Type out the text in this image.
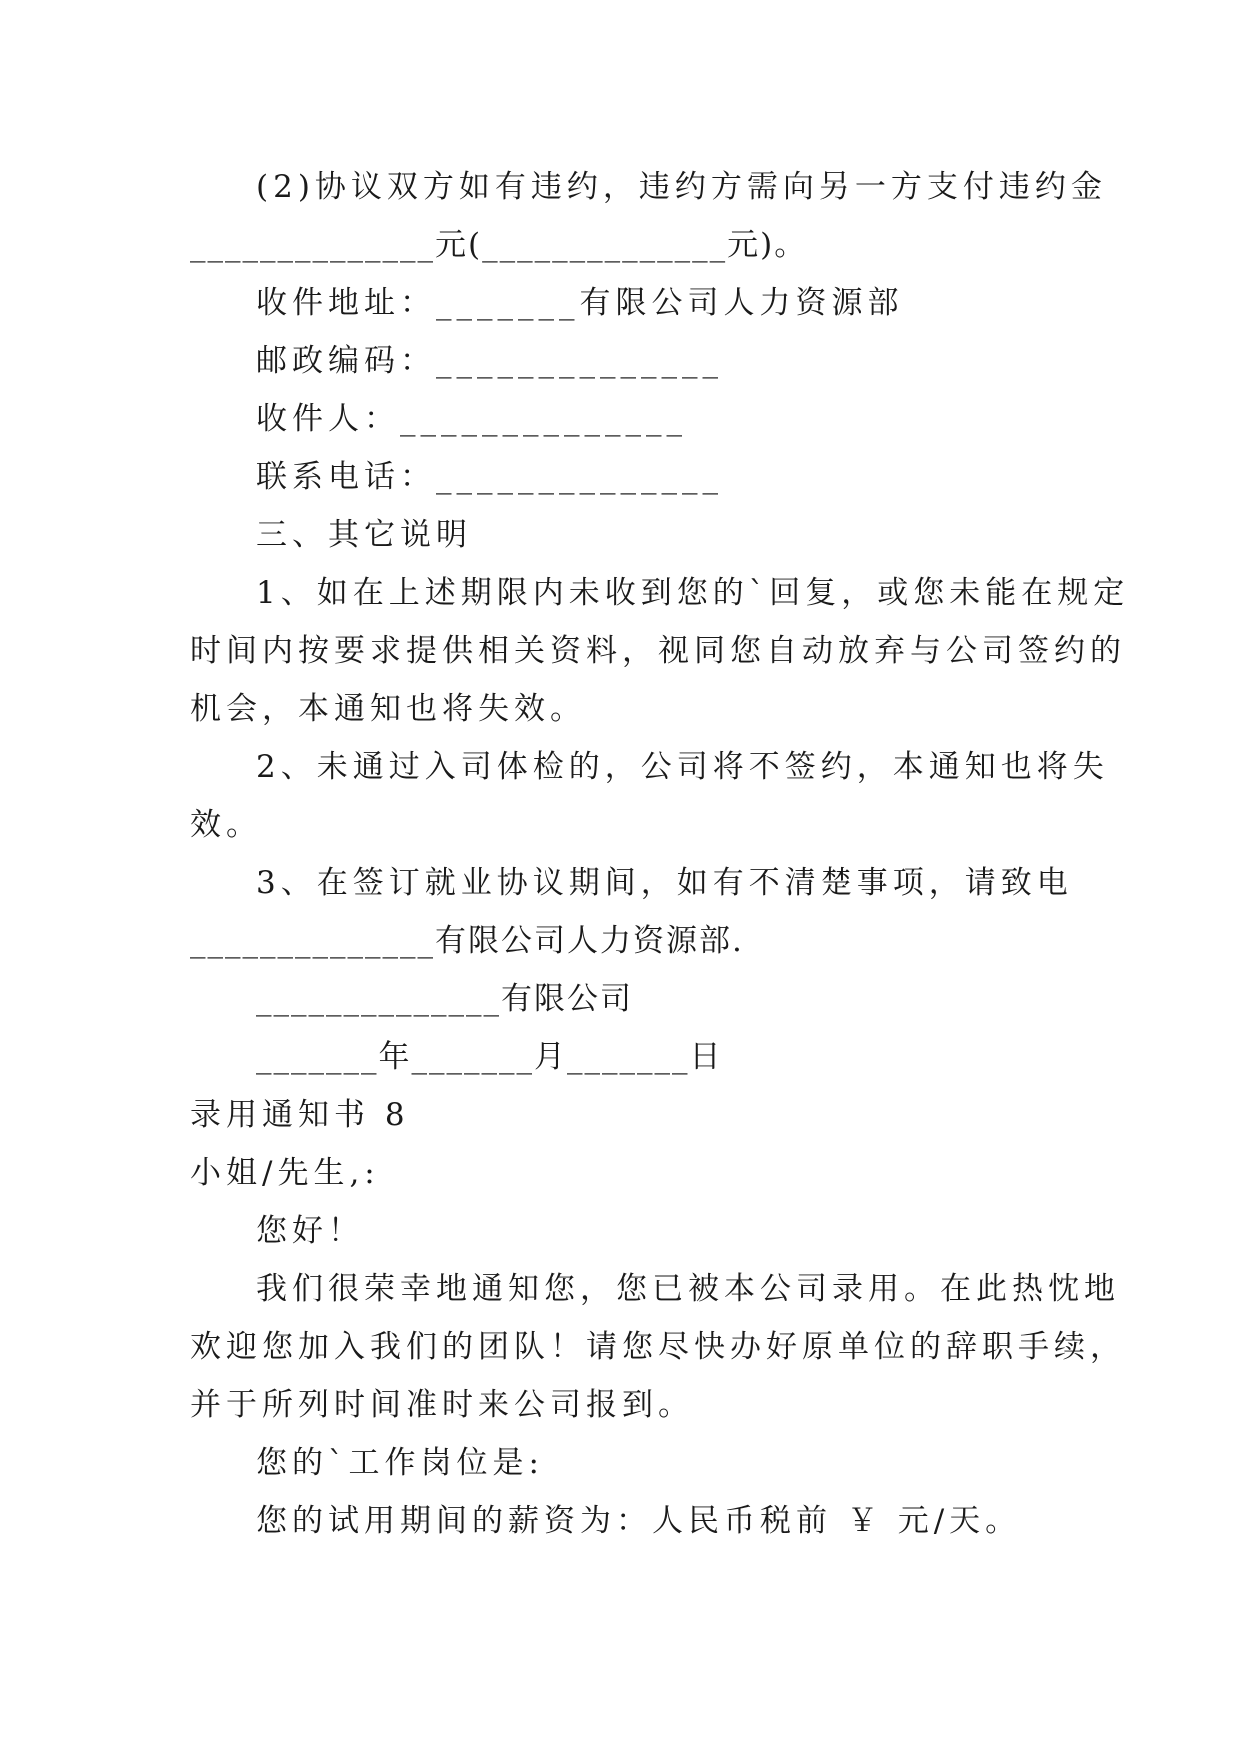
(2)协议双方如有违约，违约方需向另一方支付违约金
______________元(______________元)。
收件地址：_______有限公司人力资源部
邮政编码：______________
收件人：______________
联系电话：______________
三、其它说明
1、如在上述期限内未收到您的`回复，或您未能在规定
时间内按要求提供相关资料，视同您自动放弃与公司签约的
机会，本通知也将失效。
2、未通过入司体检的，公司将不签约，本通知也将失
效。
3、在签订就业协议期间，如有不清楚事项，请致电
______________有限公司人力资源部.
______________有限公司
_______年_______月_______日
录用通知书 8
小姐/先生,:
您好！
我们很荣幸地通知您，您已被本公司录用。在此热忱地
欢迎您加入我们的团队！请您尽快办好原单位的辞职手续，
并于所列时间准时来公司报到。
您的`工作岗位是:
您的试用期间的薪资为：人民币税前 ￥ 元/天。
